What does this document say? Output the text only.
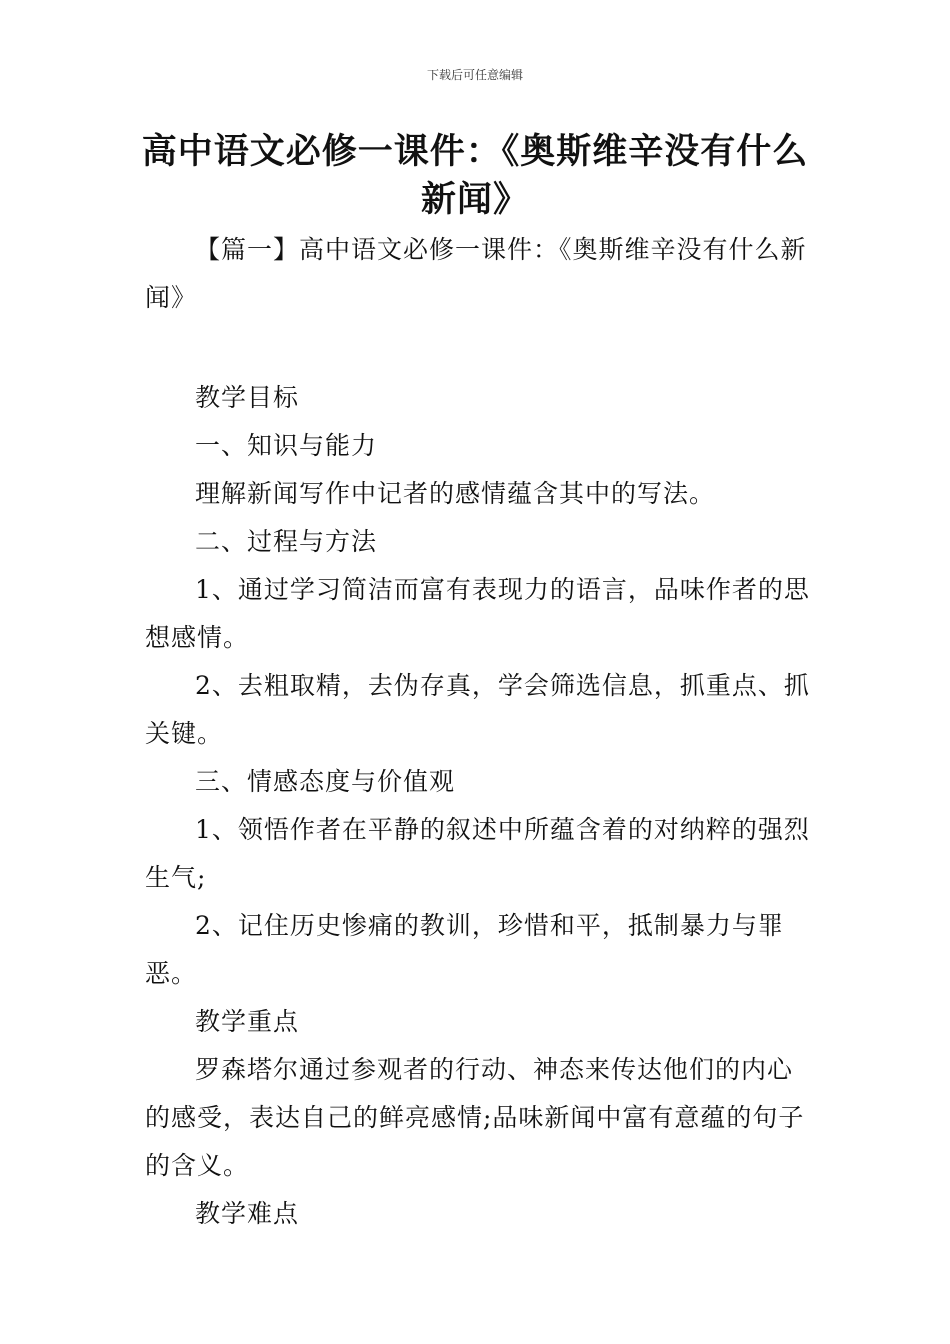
下载后可任意编辑
高中语文必修一课件：《奥斯维辛没有什么新闻》

【篇一】高中语文必修一课件：《奥斯维辛没有什么新闻》

教学目标

一、知识与能力

理解新闻写作中记者的感情蕴含其中的写法。

二、过程与方法

1、通过学习简洁而富有表现力的语言，品味作者的思想感情。

2、去粗取精，去伪存真，学会筛选信息，抓重点、抓关键。

三、情感态度与价值观

1、领悟作者在平静的叙述中所蕴含着的对纳粹的强烈生气;

2、记住历史惨痛的教训，珍惜和平，抵制暴力与罪恶。

教学重点

罗森塔尔通过参观者的行动、神态来传达他们的内心的感受，表达自己的鲜亮感情;品味新闻中富有意蕴的句子的含义。

教学难点
